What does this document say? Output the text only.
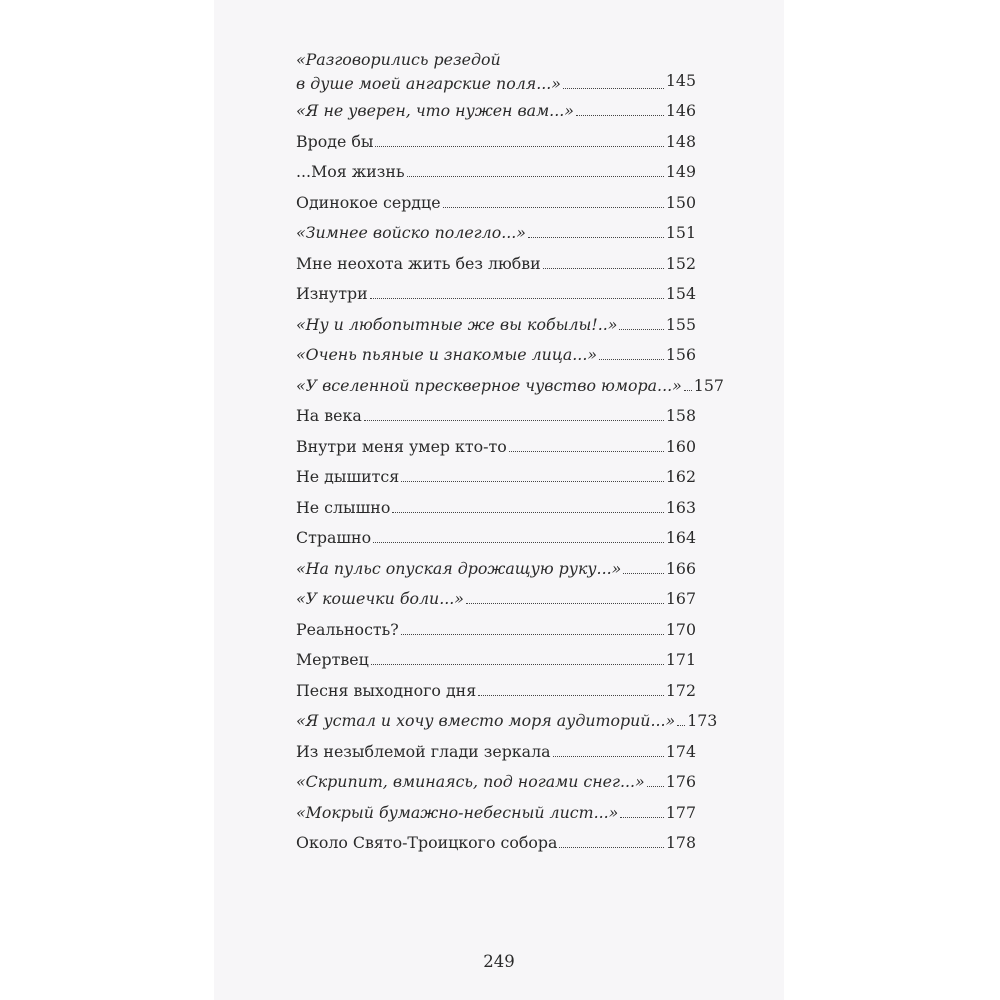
«Разговорились резедой
в душе моей ангарские поля...»	145
«Я не уверен, что нужен вам...»	146
Вроде бы	148
...Моя жизнь	149
Одинокое сердце	150
«Зимнее войско полегло...»	151
Мне неохота жить без любви	152
Изнутри	154
«Ну и любопытные же вы кобылы!..»	155
«Очень пьяные и знакомые лица...»	156
«У вселенной прескверное чувство юмора...» 157
На века	158
Внутри меня умер кто-то	160
Не дышится	162
Не слышно	163
Страшно	164
«На пульс опуская дрожащую руку...»	166
«У кошечки боли...»	167
Реальность?	170
Мертвец	171
Песня выходного дня	172
«Я устал и хочу вместо моря аудиторий...» 173
Из незыблемой глади зеркала	174
«Скрипит, вминаясь, под ногами снег...» 176
«Мокрый бумажно-небесный лист...»	177
Около Свято-Троицкого собора	178
249
